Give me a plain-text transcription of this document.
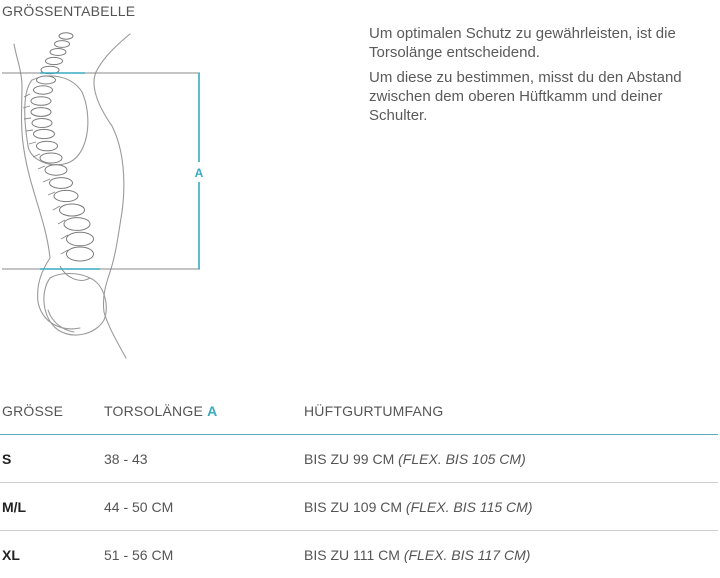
GRÖSSENTABELLE
A

Um optimalen Schutz zu gewährleisten, ist die Torsolänge entscheidend.

Um diese zu bestimmen, misst du den Abstand zwischen dem oberen Hüftkamm und deiner Schulter.

GRÖSSE	TORSOLÄNGE A	HÜFTGURTUMFANG
S	38 - 43	BIS ZU 99 CM (FLEX. BIS 105 CM)
M/L	44 - 50 CM	BIS ZU 109 CM (FLEX. BIS 115 CM)
XL	51 - 56 CM	BIS ZU 111 CM (FLEX. BIS 117 CM)
